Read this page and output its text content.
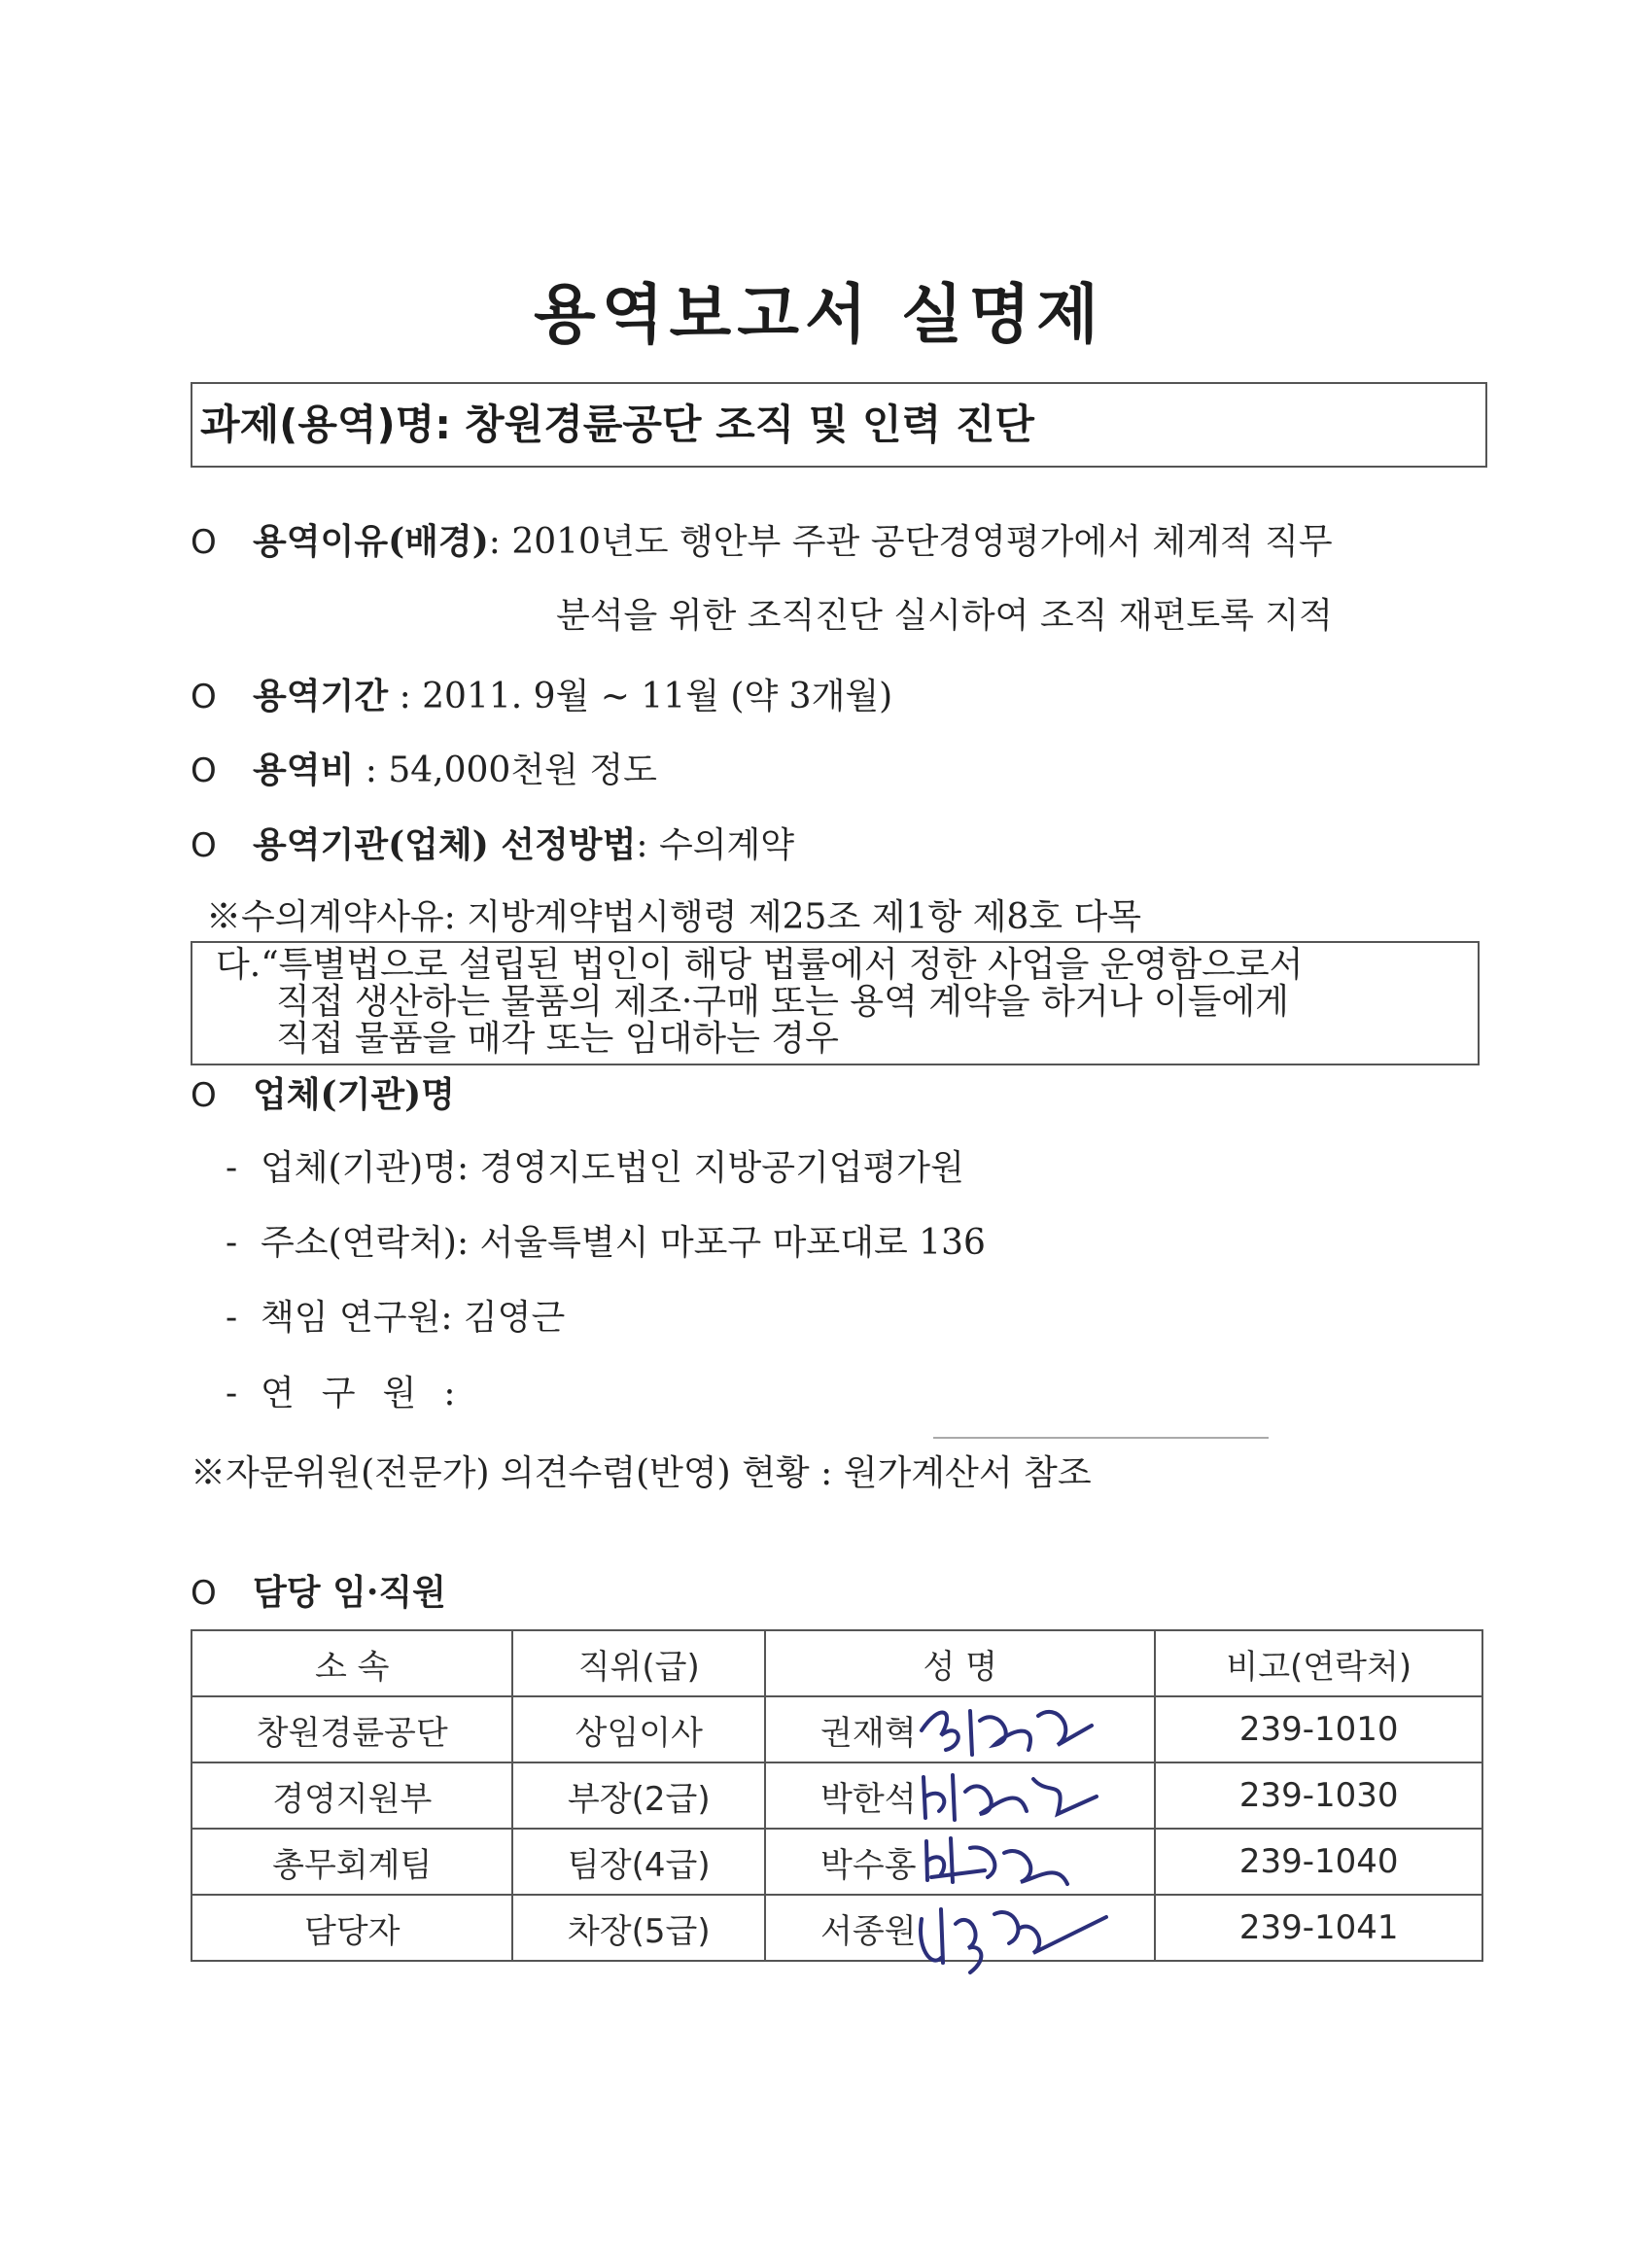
용역보고서 실명제
과제(용역)명: 창원경륜공단 조직 및 인력 진단
O 용역이유(배경): 2010년도 행안부 주관 공단경영평가에서 체계적 직무
분석을 위한 조직진단 실시하여 조직 재편토록 지적
O 용역기간 : 2011. 9월 ~ 11월 (약 3개월)
O 용역비 : 54,000천원 정도
O 용역기관(업체) 선정방법: 수의계약
※수의계약사유: 지방계약법시행령 제25조 제1항 제8호 다목
다.“특별법으로 설립된 법인이 해당 법률에서 정한 사업을 운영함으로서
직접 생산하는 물품의 제조·구매 또는 용역 계약을 하거나 이들에게
직접 물품을 매각 또는 임대하는 경우
O 업체(기관)명
- 업체(기관)명: 경영지도법인 지방공기업평가원
- 주소(연락처): 서울특별시 마포구 마포대로 136
- 책임 연구원: 김영근
- 연구원:
※자문위원(전문가) 의견수렴(반영) 현황 : 원가계산서 참조
O 담당 임·직원
소 속	직위(급)	성 명	비고(연락처)
창원경륜공단	상임이사	권재혁	239-1010
경영지원부	부장(2급)	박한석	239-1030
총무회계팀	팀장(4급)	박수홍	239-1040
담당자	차장(5급)	서종원	239-1041
